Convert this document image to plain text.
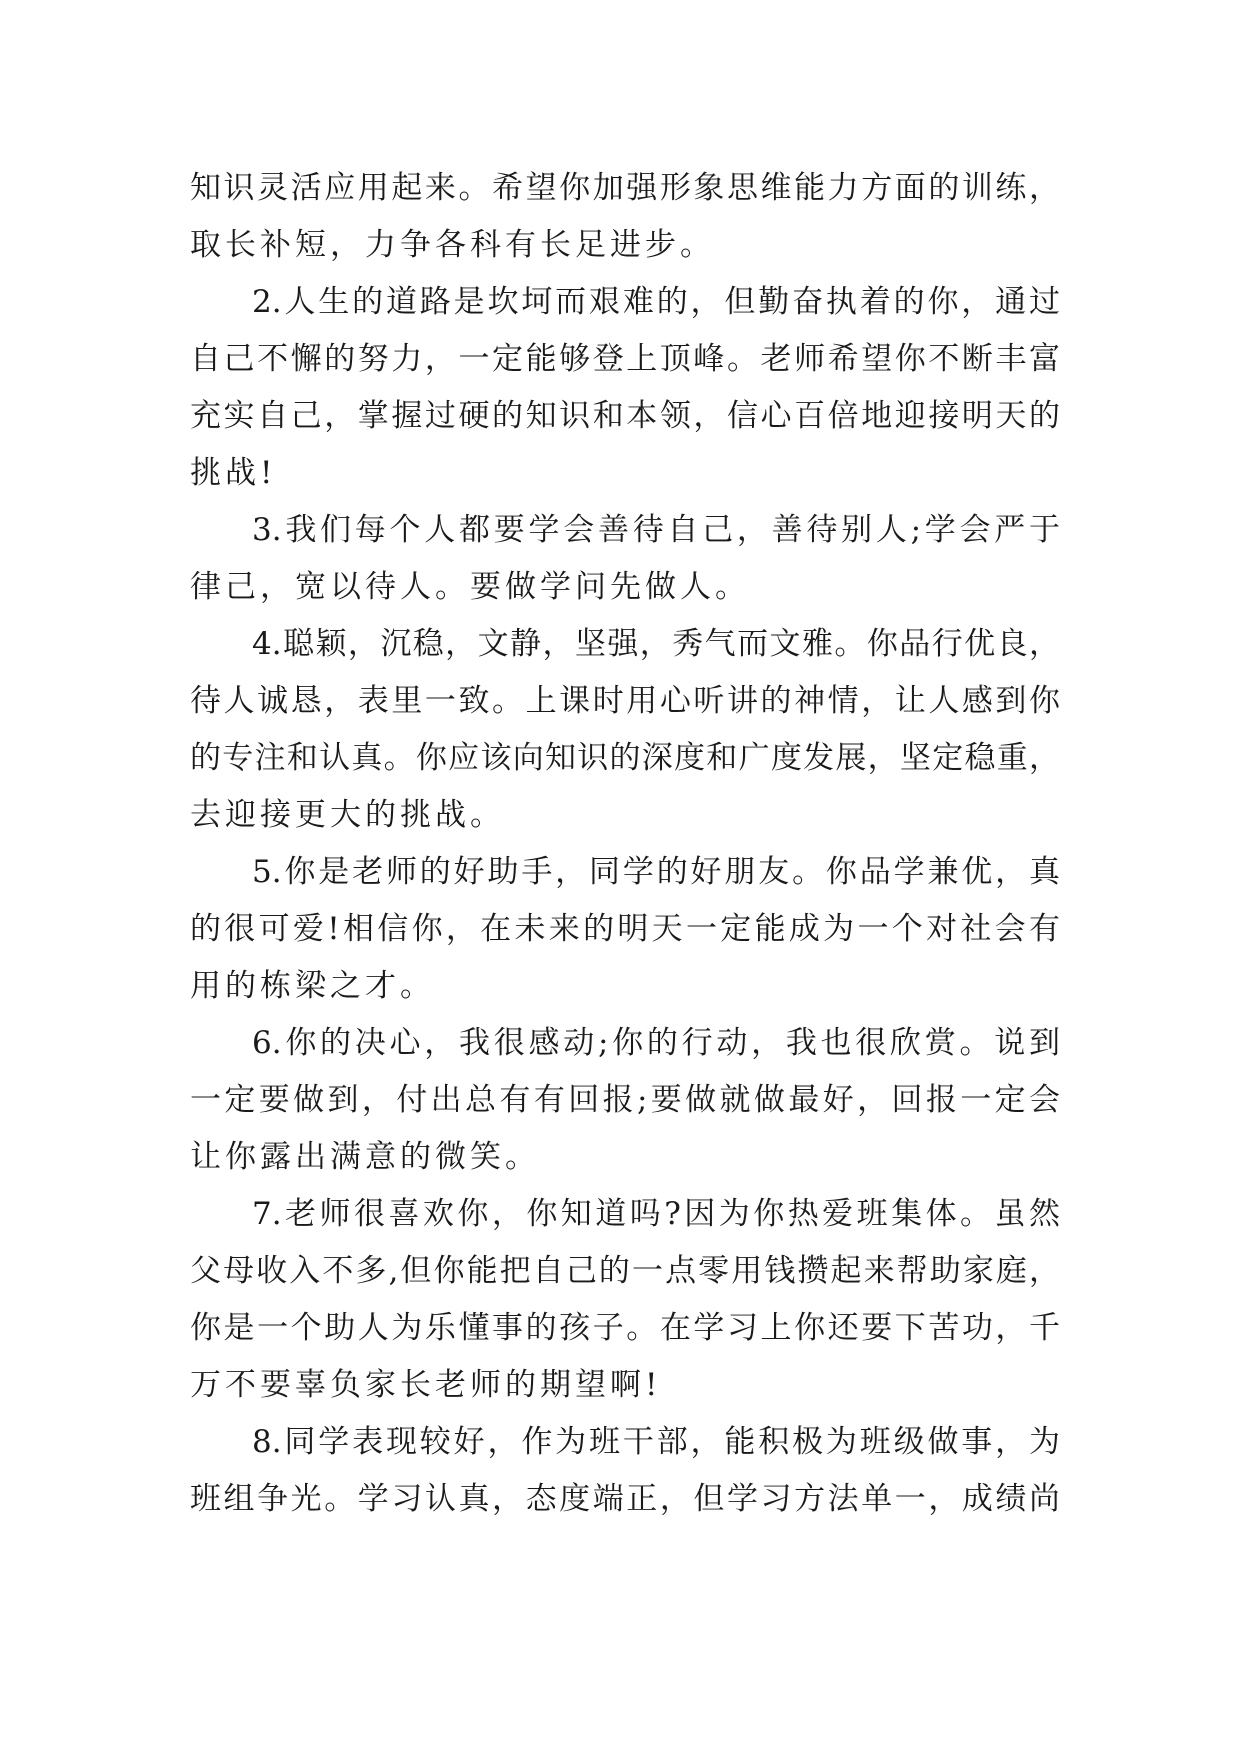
知识灵活应用起来。希望你加强形象思维能力方面的训练，
取长补短，力争各科有长足进步。
2.人生的道路是坎坷而艰难的，但勤奋执着的你，通过
自己不懈的努力，一定能够登上顶峰。老师希望你不断丰富
充实自己，掌握过硬的知识和本领，信心百倍地迎接明天的
挑战!
3.我们每个人都要学会善待自己，善待别人;学会严于
律己，宽以待人。要做学问先做人。
4.聪颖，沉稳，文静，坚强，秀气而文雅。你品行优良，
待人诚恳，表里一致。上课时用心听讲的神情，让人感到你
的专注和认真。你应该向知识的深度和广度发展，坚定稳重，
去迎接更大的挑战。
5.你是老师的好助手，同学的好朋友。你品学兼优，真
的很可爱!相信你，在未来的明天一定能成为一个对社会有
用的栋梁之才。
6.你的决心，我很感动;你的行动，我也很欣赏。说到
一定要做到，付出总有有回报;要做就做最好，回报一定会
让你露出满意的微笑。
7.老师很喜欢你，你知道吗?因为你热爱班集体。虽然
父母收入不多,但你能把自己的一点零用钱攒起来帮助家庭，
你是一个助人为乐懂事的孩子。在学习上你还要下苦功，千
万不要辜负家长老师的期望啊!
8.同学表现较好，作为班干部，能积极为班级做事，为
班组争光。学习认真，态度端正，但学习方法单一，成绩尚
